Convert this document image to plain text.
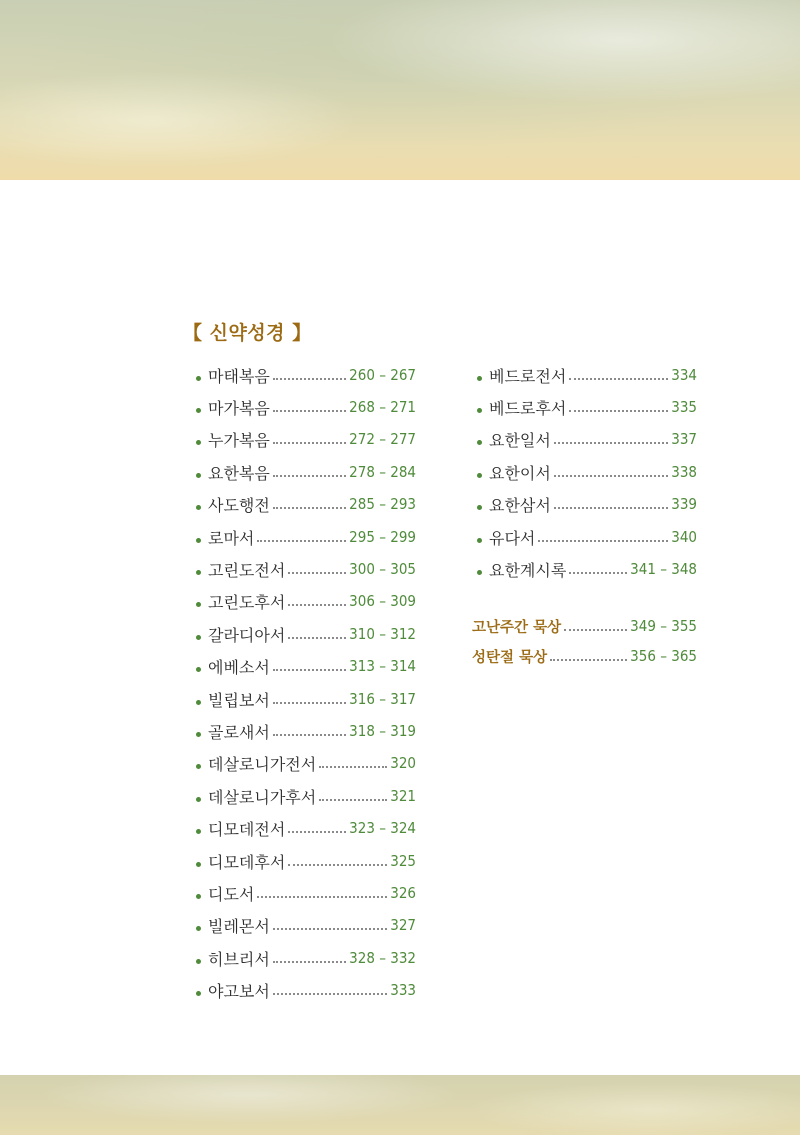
【 신약성경 】
마태복음	260 – 267
마가복음	268 – 271
누가복음	272 – 277
요한복음	278 – 284
사도행전	285 – 293
로마서	295 – 299
고린도전서	300 – 305
고린도후서	306 – 309
갈라디아서	310 – 312
에베소서	313 – 314
빌립보서	316 – 317
골로새서	318 – 319
데살로니가전서	320
데살로니가후서	321
디모데전서	323 – 324
디모데후서	325
디도서	326
빌레몬서	327
히브리서	328 – 332
야고보서	333
베드로전서	334
베드로후서	335
요한일서	337
요한이서	338
요한삼서	339
유다서	340
요한계시록	341 – 348
고난주간 묵상	349 – 355
성탄절 묵상	356 – 365
